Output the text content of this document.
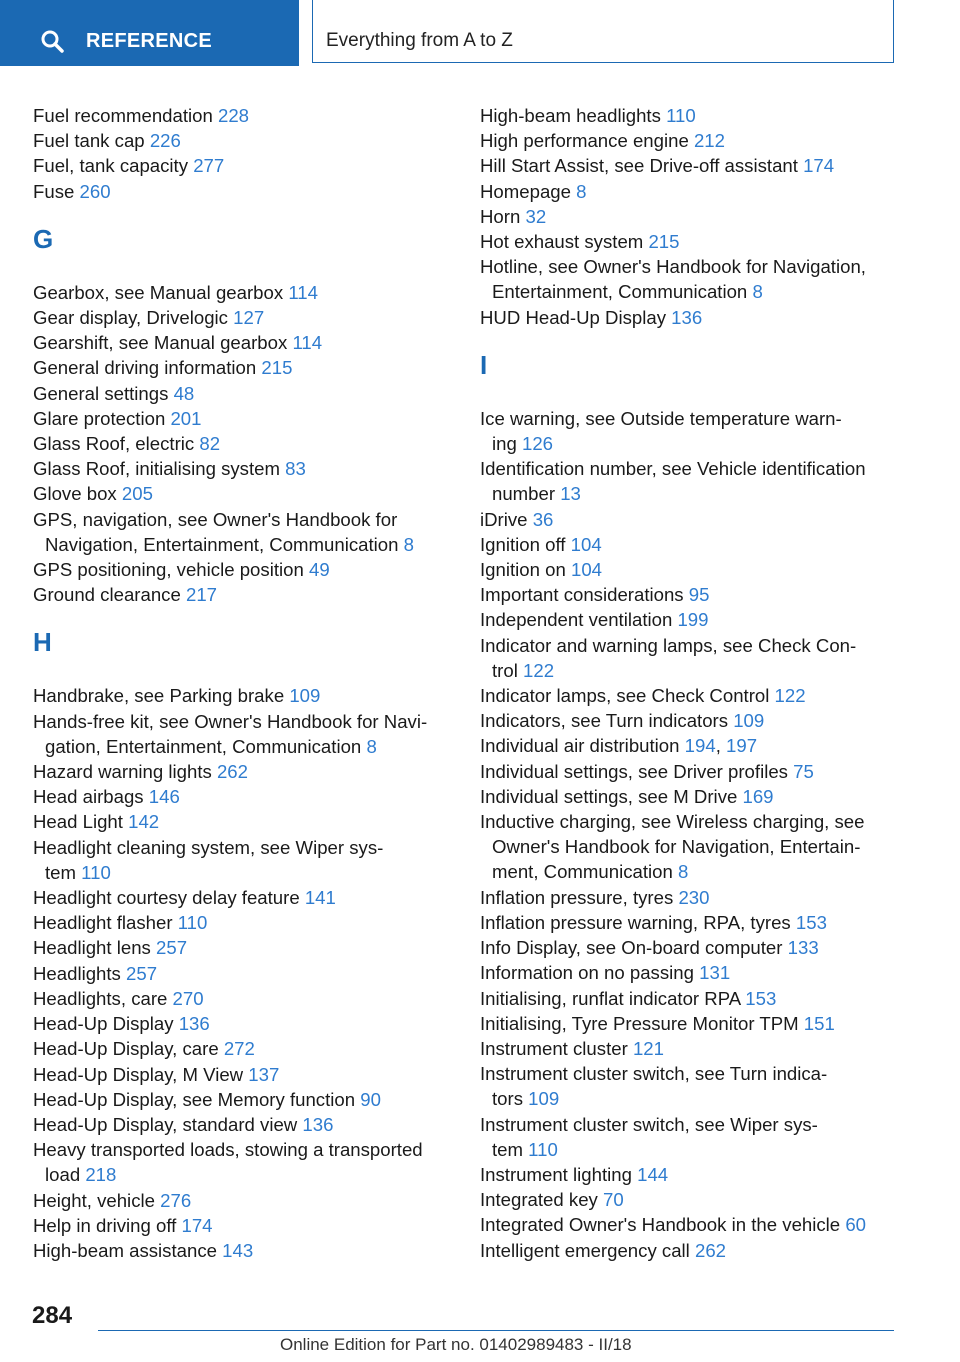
REFERENCE	Everything from A to Z
Fuel recommendation 228
Fuel tank cap 226
Fuel, tank capacity 277
Fuse 260
G
Gearbox, see Manual gearbox 114
Gear display, Drivelogic 127
Gearshift, see Manual gearbox 114
General driving information 215
General settings 48
Glare protection 201
Glass Roof, electric 82
Glass Roof, initialising system 83
Glove box 205
GPS, navigation, see Owner's Handbook for
Navigation, Entertainment, Communication 8
GPS positioning, vehicle position 49
Ground clearance 217
H
Handbrake, see Parking brake 109
Hands-free kit, see Owner's Handbook for Navi-
gation, Entertainment, Communication 8
Hazard warning lights 262
Head airbags 146
Head Light 142
Headlight cleaning system, see Wiper sys-
tem 110
Headlight courtesy delay feature 141
Headlight flasher 110
Headlight lens 257
Headlights 257
Headlights, care 270
Head-Up Display 136
Head-Up Display, care 272
Head-Up Display, M View 137
Head-Up Display, see Memory function 90
Head-Up Display, standard view 136
Heavy transported loads, stowing a transported
load 218
Height, vehicle 276
Help in driving off 174
High-beam assistance 143
High-beam headlights 110
High performance engine 212
Hill Start Assist, see Drive-off assistant 174
Homepage 8
Horn 32
Hot exhaust system 215
Hotline, see Owner's Handbook for Navigation,
Entertainment, Communication 8
HUD Head-Up Display 136
I
Ice warning, see Outside temperature warn-
ing 126
Identification number, see Vehicle identification
number 13
iDrive 36
Ignition off 104
Ignition on 104
Important considerations 95
Independent ventilation 199
Indicator and warning lamps, see Check Con-
trol 122
Indicator lamps, see Check Control 122
Indicators, see Turn indicators 109
Individual air distribution 194, 197
Individual settings, see Driver profiles 75
Individual settings, see M Drive 169
Inductive charging, see Wireless charging, see
Owner's Handbook for Navigation, Entertain-
ment, Communication 8
Inflation pressure, tyres 230
Inflation pressure warning, RPA, tyres 153
Info Display, see On-board computer 133
Information on no passing 131
Initialising, runflat indicator RPA 153
Initialising, Tyre Pressure Monitor TPM 151
Instrument cluster 121
Instrument cluster switch, see Turn indica-
tors 109
Instrument cluster switch, see Wiper sys-
tem 110
Instrument lighting 144
Integrated key 70
Integrated Owner's Handbook in the vehicle 60
Intelligent emergency call 262
284
Online Edition for Part no. 01402989483 - II/18
